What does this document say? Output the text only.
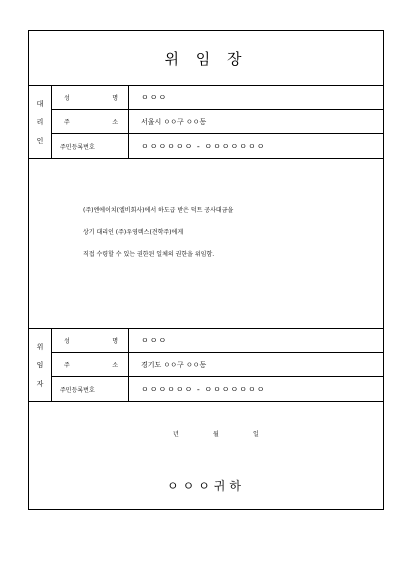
위 임 장
대
리
인
성	명	ㅇㅇㅇ
주	소	서울시 ㅇㅇ구 ㅇㅇ동
주민등록번호	ㅇㅇㅇㅇㅇㅇ - ㅇㅇㅇㅇㅇㅇㅇ

(주)엔에이치(엘비회사)에서 하도급 받은 덕트 공사대금을

상기 대리인 (주)우영텍스(견학주)에게

직접 수령할 수 있는 권한된 일체의 권한을 위임함.

위
임
자
성	명	ㅇㅇㅇ
주	소	경기도 ㅇㅇ구 ㅇㅇ동
주민등록번호	ㅇㅇㅇㅇㅇㅇ - ㅇㅇㅇㅇㅇㅇㅇ
년	월	일
ㅇㅇㅇ귀하
